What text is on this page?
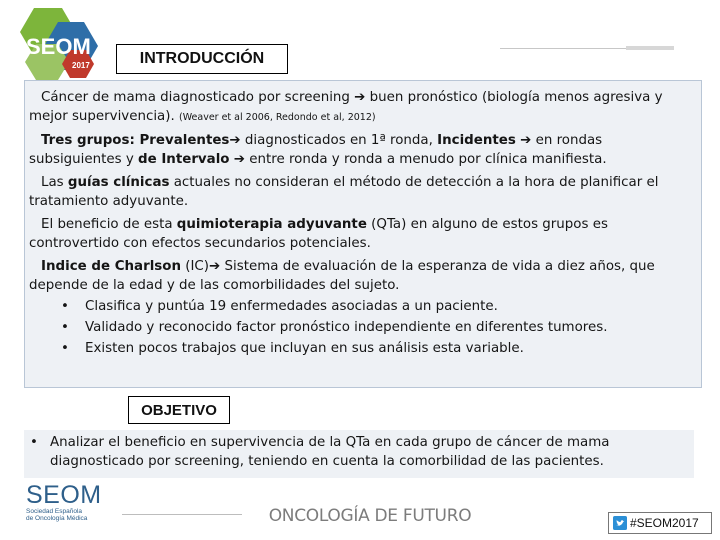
SEOM
2017	INTRODUCCIÓN

Cáncer de mama diagnosticado por screening ➔ buen pronóstico (biología menos agresiva y mejor supervivencia). (Weaver et al 2006, Redondo et al, 2012)

Tres grupos: Prevalentes➔ diagnosticados en 1ª ronda, Incidentes ➔ en rondas subsiguientes y de Intervalo ➔ entre ronda y ronda a menudo por clínica manifiesta.

Las guías clínicas actuales no consideran el método de detección a la hora de planificar el tratamiento adyuvante.

El beneficio de esta quimioterapia adyuvante (QTa) en alguno de estos grupos es controvertido con efectos secundarios potenciales.

Indice de Charlson (IC)➔ Sistema de evaluación de la esperanza de vida a diez años, que depende de la edad y de las comorbilidades del sujeto.

• Clasifica y puntúa 19 enfermedades asociadas a un paciente.
• Validado y reconocido factor pronóstico independiente en diferentes tumores.
• Existen pocos trabajos que incluyan en sus análisis esta variable.
OBJETIVO
• Analizar el beneficio en supervivencia de la QTa en cada grupo de cáncer de mama diagnosticado por screening, teniendo en cuenta la comorbilidad de las pacientes.
SEOM
Sociedad Española
de Oncología Médica	ONCOLOGÍA DE FUTURO	#SEOM2017
